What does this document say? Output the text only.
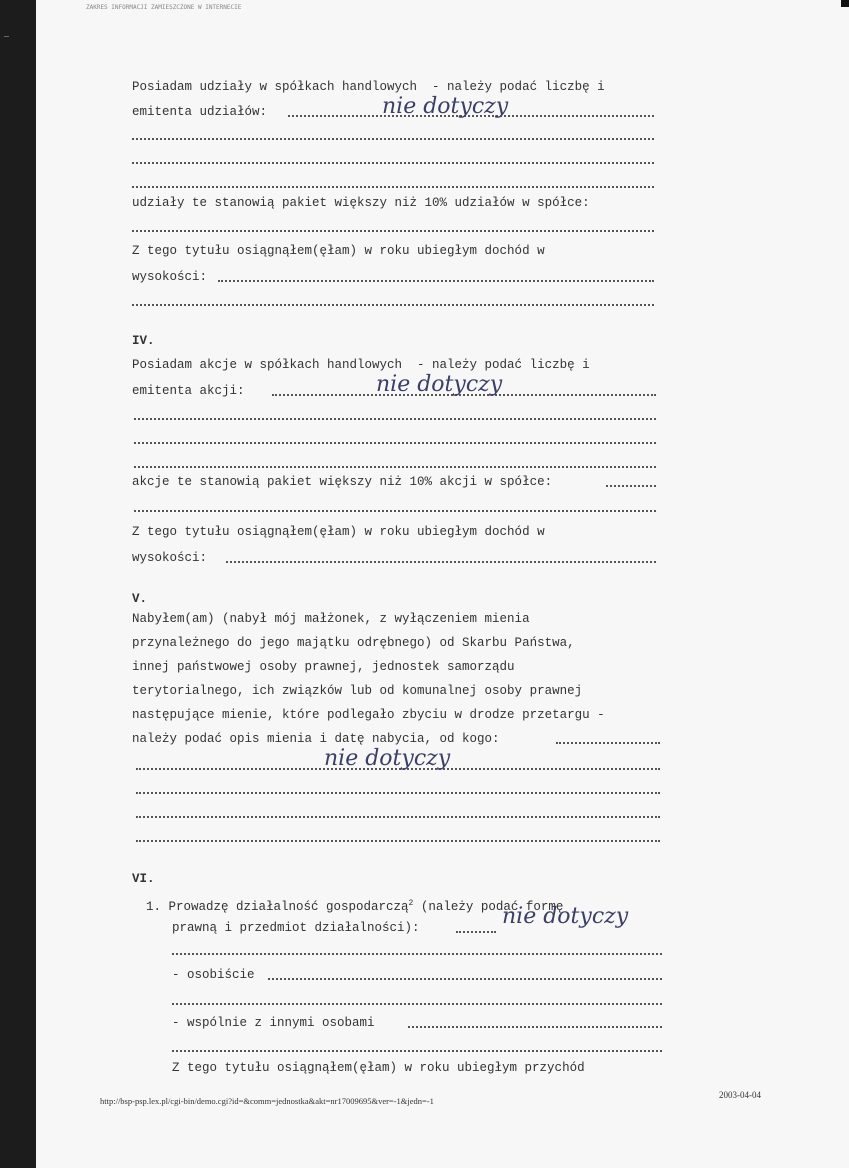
ZAKRES INFORMACJI ZAMIESZCZONE W INTERNECIE
Posiadam udziały w spółkach handlowych  - należy podać liczbę i
emitenta udziałów:	nie dotyczy
udziały te stanowią pakiet większy niż 10% udziałów w spółce:
Z tego tytułu osiągnąłem(ęłam) w roku ubiegłym dochód w
wysokości:
IV.
Posiadam akcje w spółkach handlowych  - należy podać liczbę i
emitenta akcji:	nie dotyczy
akcje te stanowią pakiet większy niż 10% akcji w spółce:
Z tego tytułu osiągnąłem(ęłam) w roku ubiegłym dochód w
wysokości:
V.
Nabyłem(am) (nabył mój małżonek, z wyłączeniem mienia
przynależnego do jego majątku odrębnego) od Skarbu Państwa,
innej państwowej osoby prawnej, jednostek samorządu
terytorialnego, ich związków lub od komunalnej osoby prawnej
następujące mienie, które podlegało zbyciu w drodze przetargu -
należy podać opis mienia i datę nabycia, od kogo:
nie dotyczy
VI.
1. Prowadzę działalność gospodarczą$^2$ (należy podać formę
prawną i przedmiot działalności):	nie dotyczy
- osobiście
- wspólnie z innymi osobami
Z tego tytułu osiągnąłem(ęłam) w roku ubiegłym przychód
http://bsp-psp.lex.pl/cgi-bin/demo.cgi?id=&comm=jednostka&akt=nr17009695&ver=-1&jedn=-1
2003-04-04
